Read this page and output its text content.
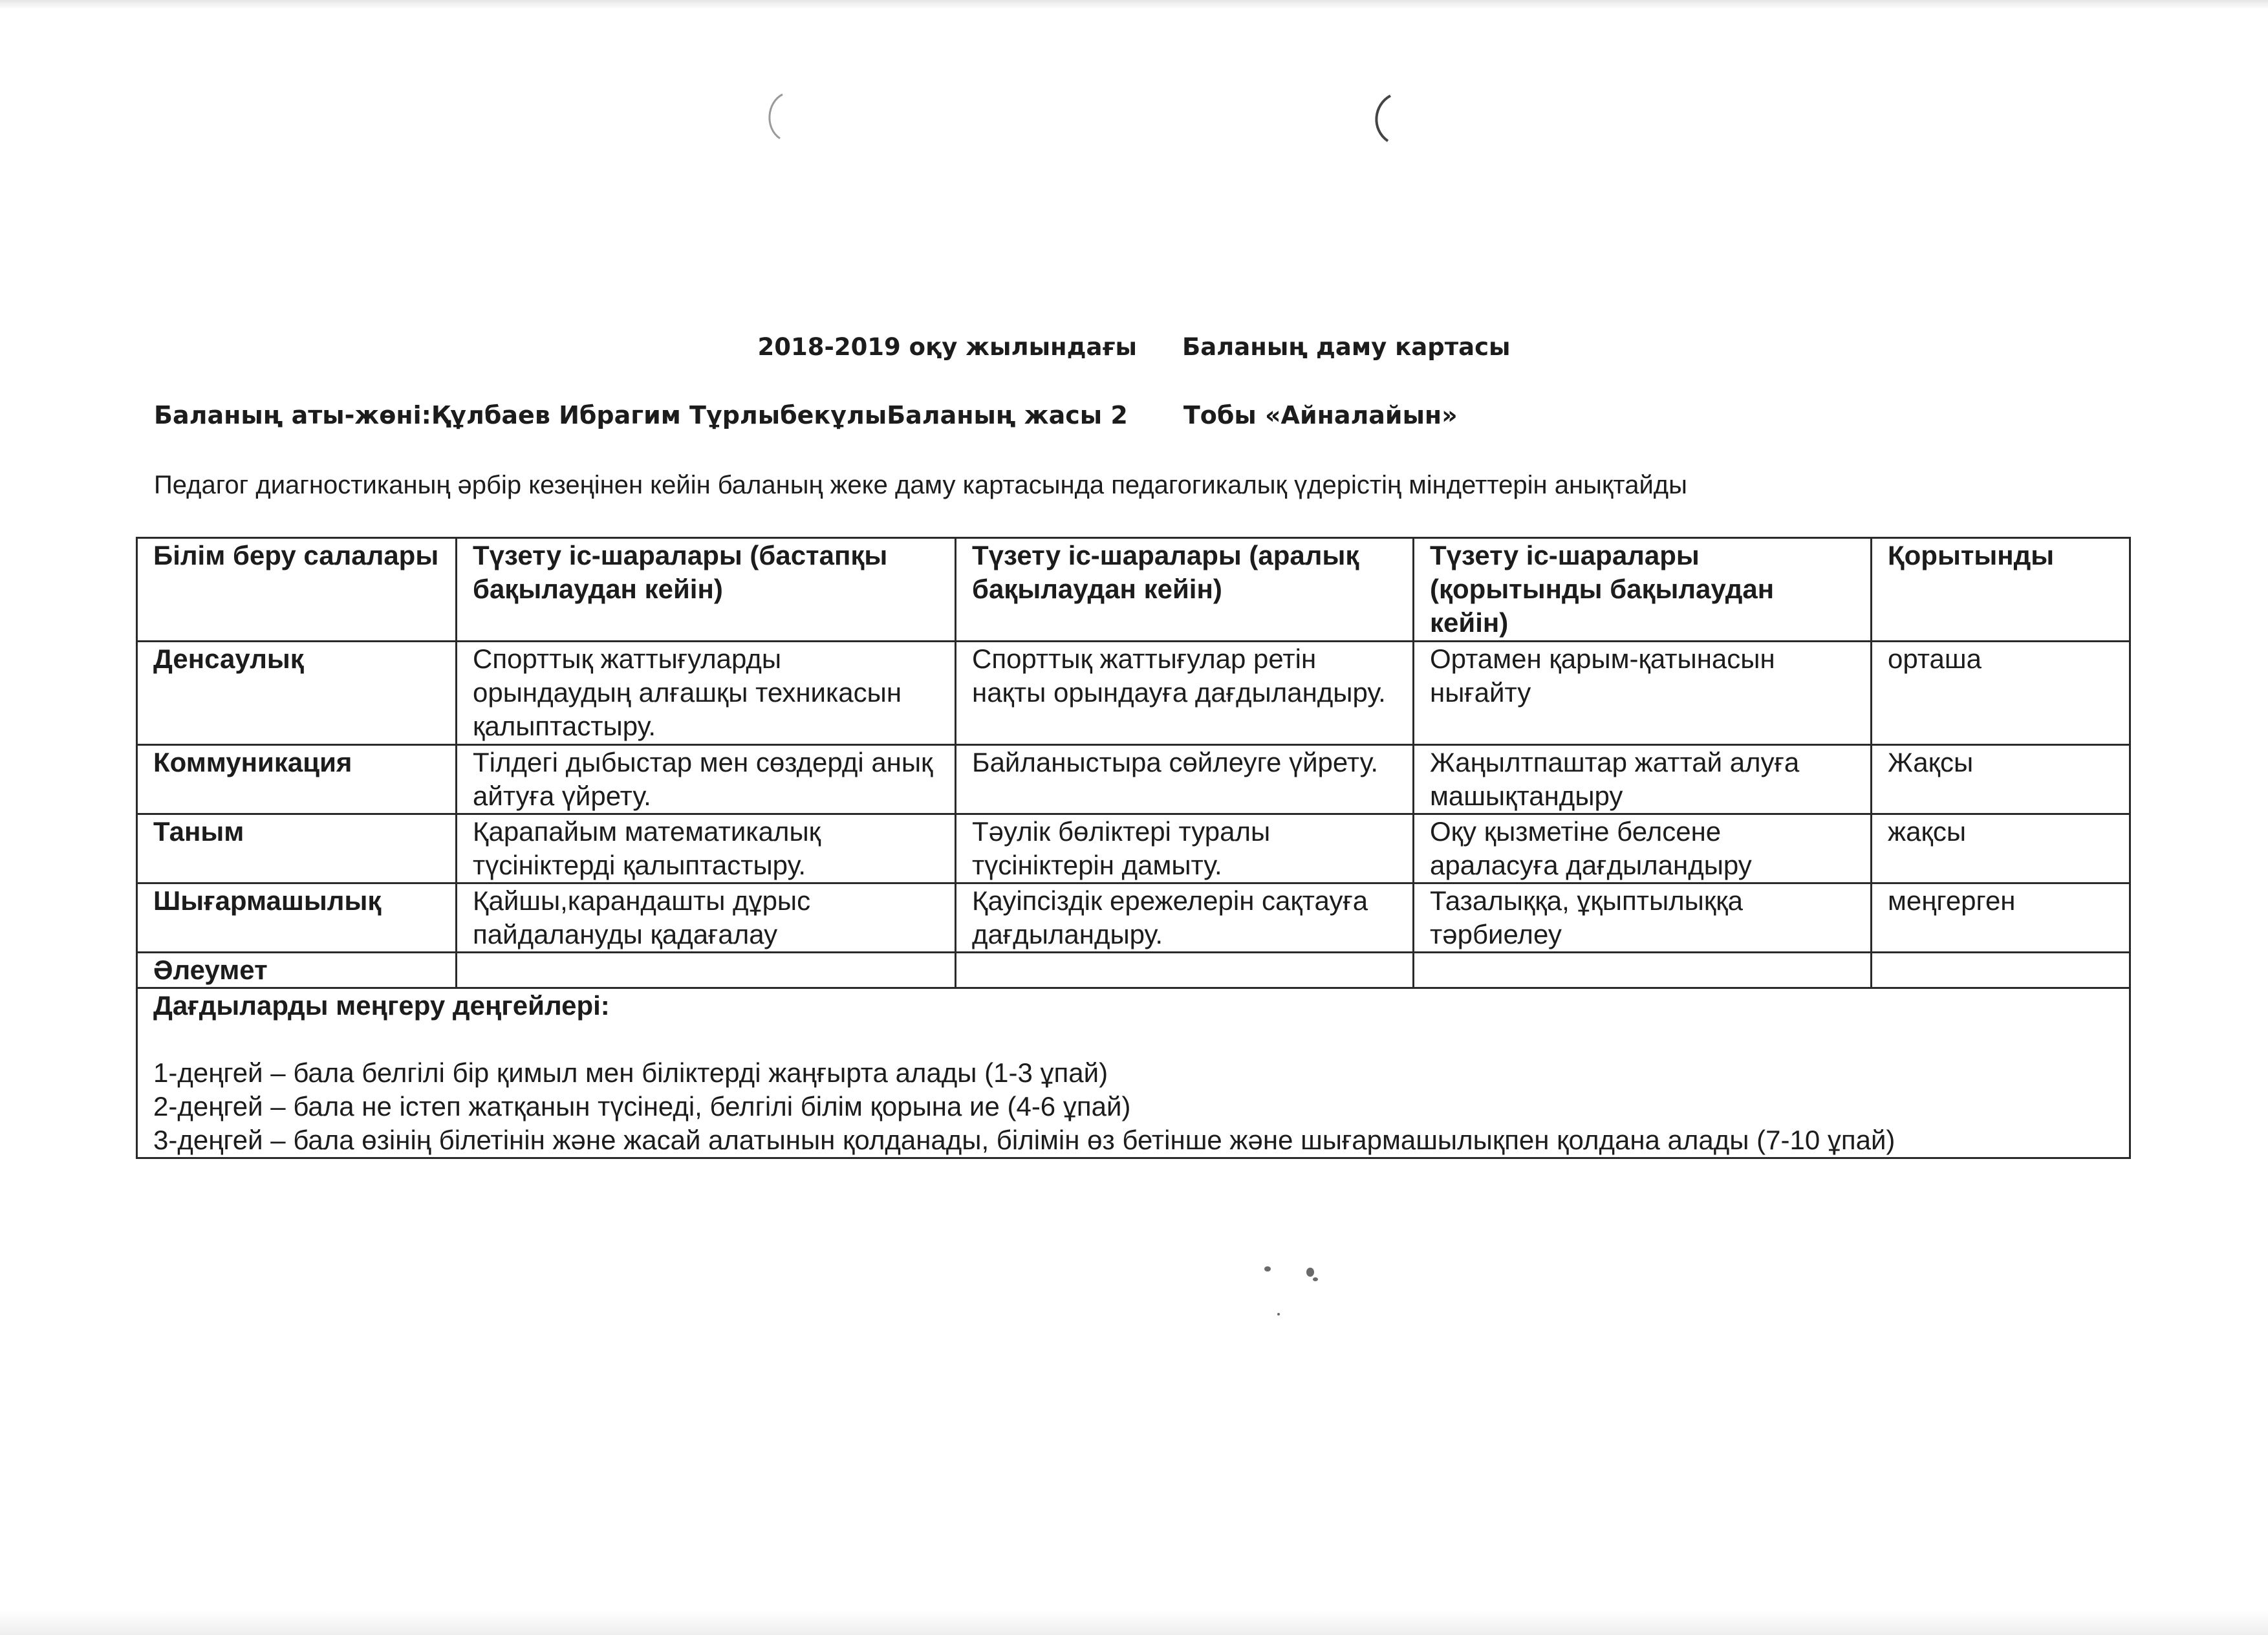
2018-2019 оқу жылындағы Баланың даму картасы
Баланың аты-жөні:Құлбаев Ибрагим ТұрлыбекұлыБаланың жасы 2 Тобы «Айналайын»
Педагог диагностиканың әрбір кезеңінен кейін баланың жеке даму картасында педагогикалық үдерістің міндеттерін анықтайды
Білім беру салалары	Түзету іс-шаралары (бастапқы бақылаудан кейін)	Түзету іс-шаралары (аралық бақылаудан кейін)	Түзету іс-шаралары (қорытынды бақылаудан кейін)	Қорытынды
Денсаулық	Спорттық жаттығуларды орындаудың алғашқы техникасын қалыптастыру.	Спорттық жаттығулар ретін нақты орындауға дағдыландыру.	Ортамен қарым-қатынасын нығайту	орташа
Коммуникация	Тілдегі дыбыстар мен сөздерді анық айтуға үйрету.	Байланыстыра сөйлеуге үйрету.	Жаңылтпаштар жаттай алуға машықтандыру	Жақсы
Таным	Қарапайым математикалық түсініктерді қалыптастыру.	Тәулік бөліктері туралы түсініктерін дамыту.	Оқу қызметіне белсене араласуға дағдыландыру	жақсы
Шығармашылық	Қайшы,карандашты дұрыс пайдалануды қадағалау	Қауіпсіздік ережелерін сақтауға дағдыландыру.	Тазалыққа, ұқыптылыққа тәрбиелеу	меңгерген
Әлеумет				

Дағдыларды меңгеру деңгейлері:
1-деңгей – бала белгілі бір қимыл мен біліктерді жаңғырта алады (1-3 ұпай)
2-деңгей – бала не істеп жатқанын түсінеді, белгілі білім қорына ие (4-6 ұпай)
3-деңгей – бала өзінің білетінін және жасай алатынын қолданады, білімін өз бетінше және шығармашылықпен қолдана алады (7-10 ұпай)				
